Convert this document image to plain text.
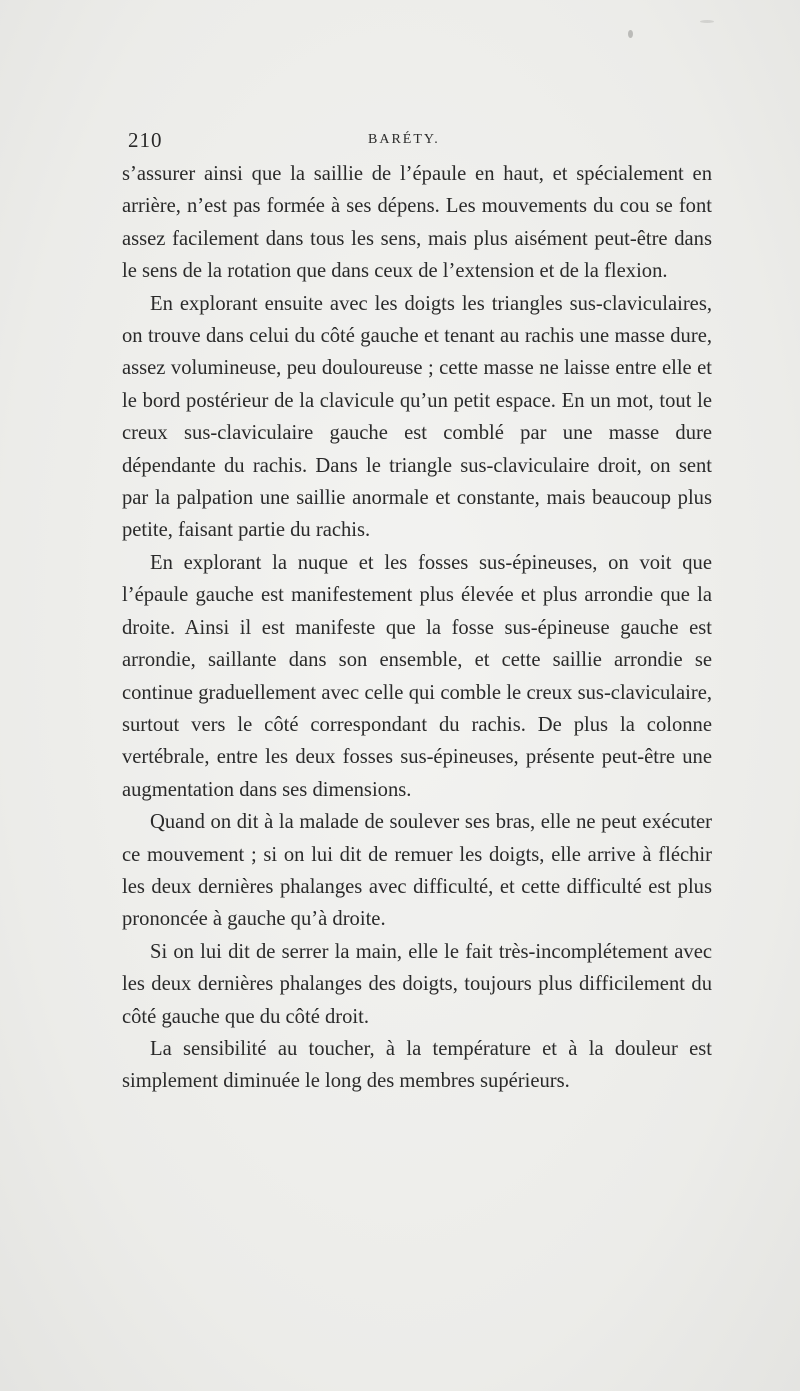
210	BARÉTY.

s’assurer ainsi que la saillie de l’épaule en haut, et spécialement en arrière, n’est pas formée à ses dépens. Les mouvements du cou se font assez facilement dans tous les sens, mais plus aisément peut-être dans le sens de la rotation que dans ceux de l’extension et de la flexion.

En explorant ensuite avec les doigts les triangles sus-claviculaires, on trouve dans celui du côté gauche et tenant au rachis une masse dure, assez volumineuse, peu douloureuse ; cette masse ne laisse entre elle et le bord postérieur de la clavicule qu’un petit espace. En un mot, tout le creux sus-claviculaire gauche est comblé par une masse dure dépendante du rachis. Dans le triangle sus-claviculaire droit, on sent par la palpation une saillie anormale et constante, mais beaucoup plus petite, faisant partie du rachis.

En explorant la nuque et les fosses sus-épineuses, on voit que l’épaule gauche est manifestement plus élevée et plus arrondie que la droite. Ainsi il est manifeste que la fosse sus-épineuse gauche est arrondie, saillante dans son ensemble, et cette saillie arrondie se continue graduellement avec celle qui comble le creux sus-claviculaire, surtout vers le côté correspondant du rachis. De plus la colonne vertébrale, entre les deux fosses sus-épineuses, présente peut-être une augmentation dans ses dimensions.

Quand on dit à la malade de soulever ses bras, elle ne peut exécuter ce mouvement ; si on lui dit de remuer les doigts, elle arrive à fléchir les deux dernières phalanges avec difficulté, et cette difficulté est plus prononcée à gauche qu’à droite.

Si on lui dit de serrer la main, elle le fait très-incomplétement avec les deux dernières phalanges des doigts, toujours plus difficilement du côté gauche que du côté droit.

La sensibilité au toucher, à la température et à la douleur est simplement diminuée le long des membres supérieurs.
